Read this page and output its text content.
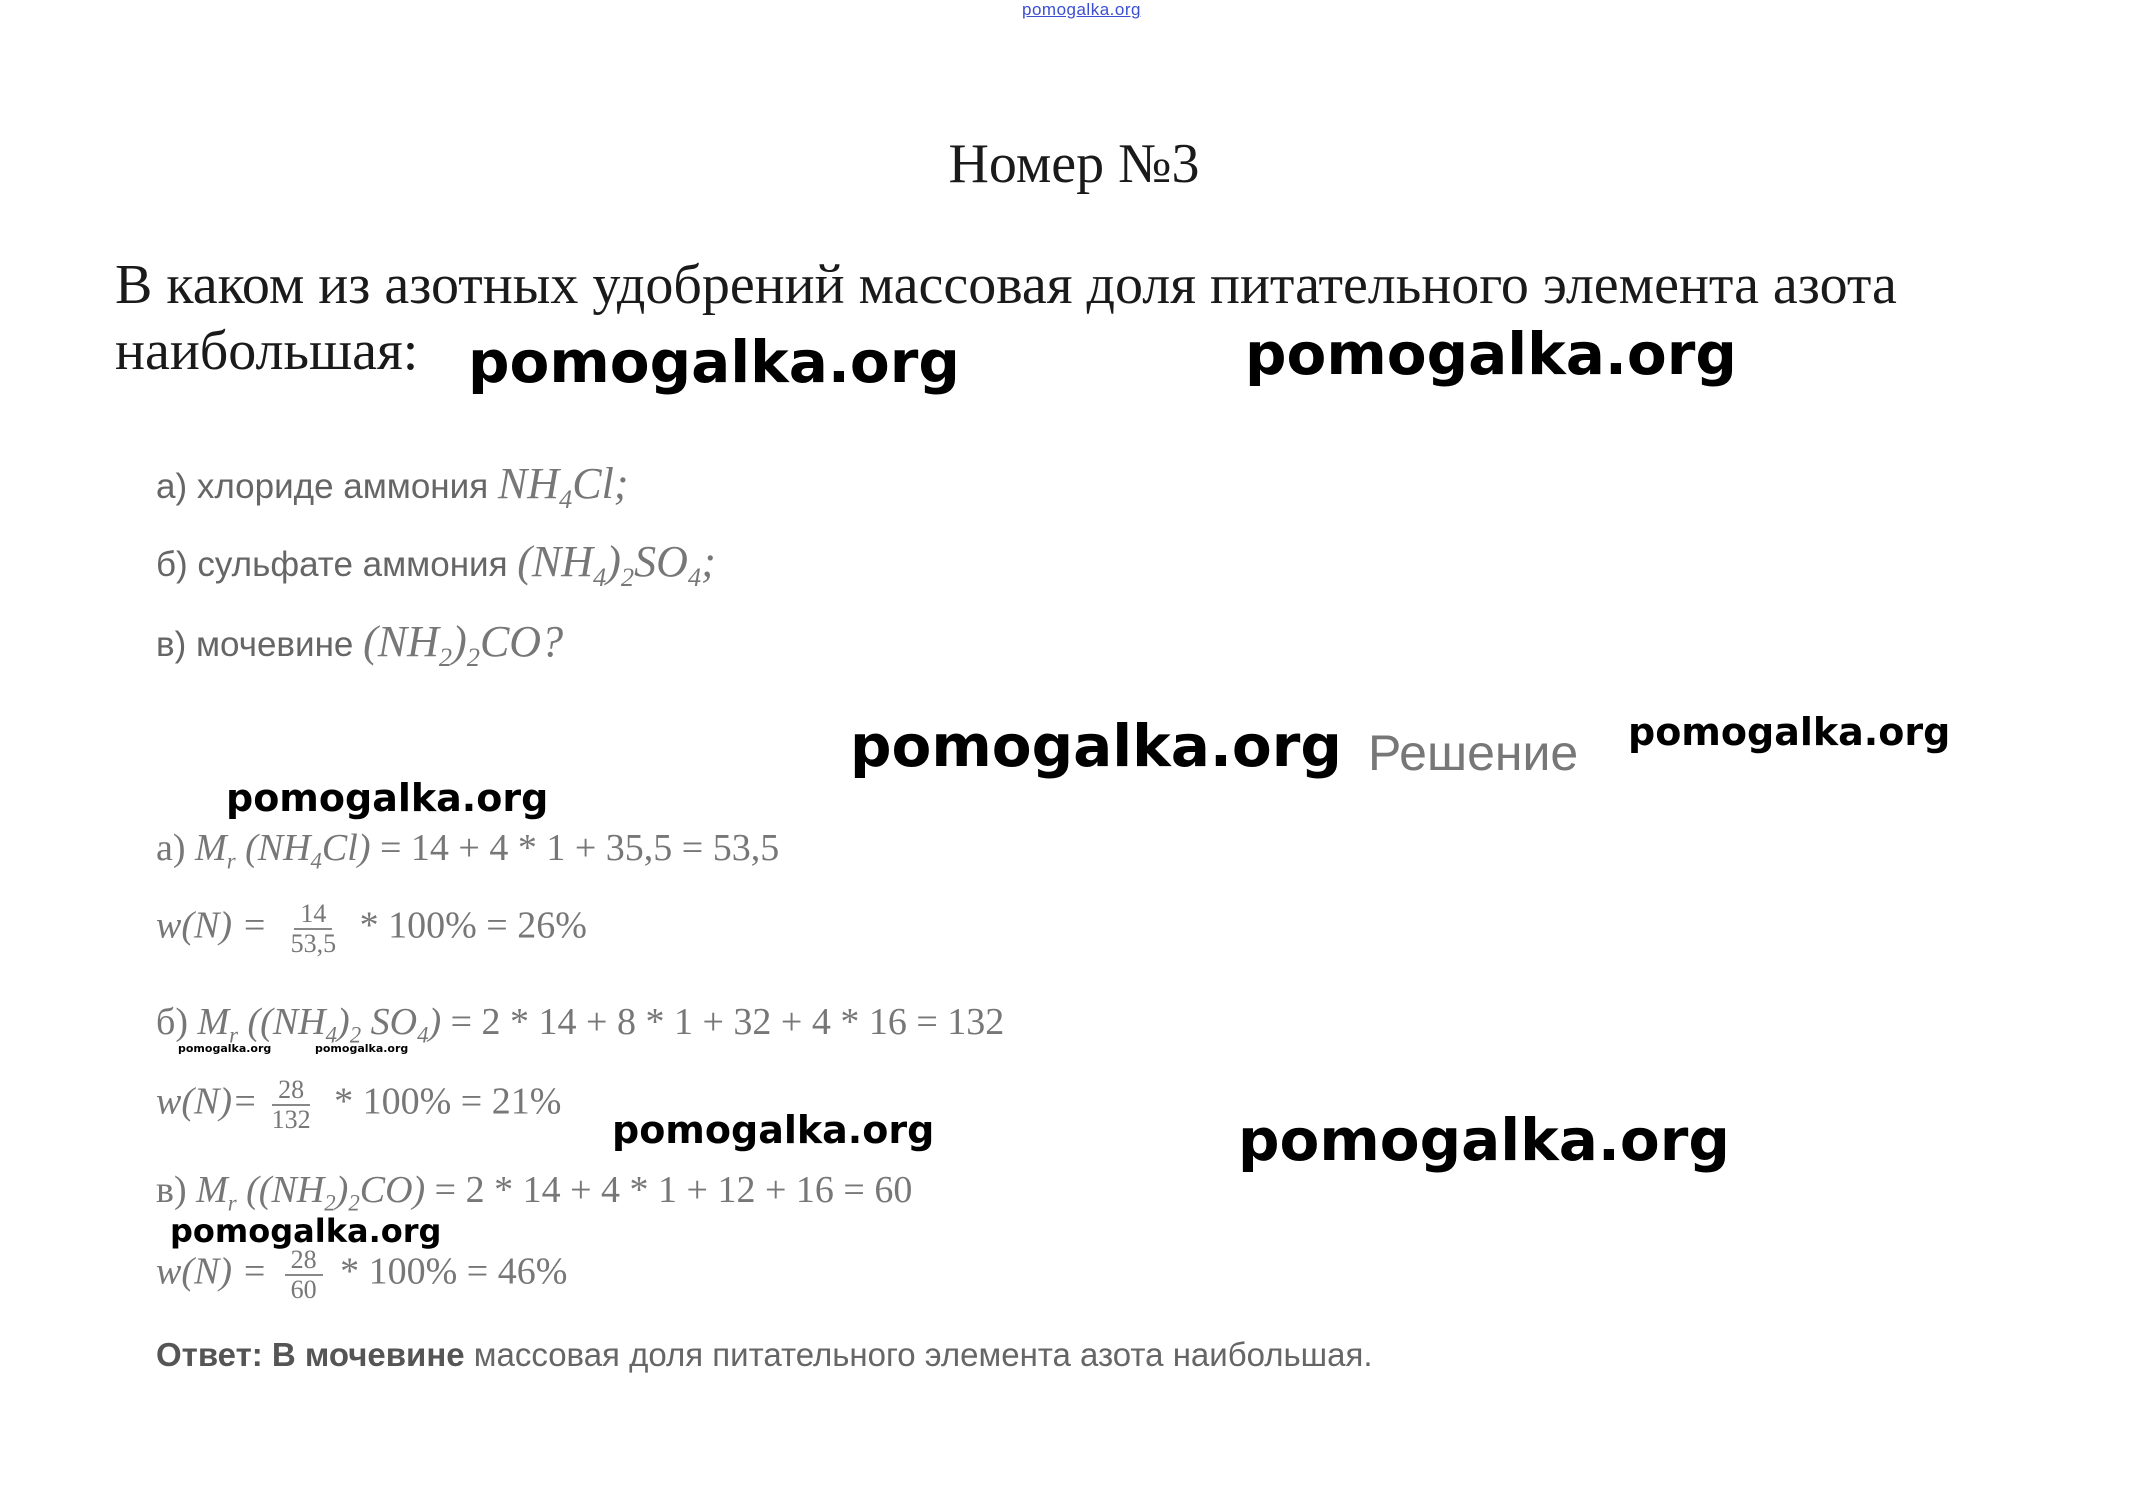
pomogalka.org
Номер №3
В каком из азотных удобрений массовая доля питательного элемента азота наибольшая:
а) хлориде аммония $NH_4Cl$;
б) сульфате аммония $(NH_4)_2SO_4$;
в) мочевине $(NH_2)_2CO$?
Решение
а) $M_r$ $(NH_4Cl) = 14 + 4 * 1 + 35,5 = 53,5$
$w(N) = \frac{14}{53,5} * 100\% = 26\%$
б) $M_r$ ($(NH_4)_2$ $SO_4) = 2 * 14 + 8 * 1 + 32 + 4 * 16 = 132$
$w(N)= \frac{28}{132} * 100\% = 21\%$
в) $M_r$ $((NH_2)_2CO) = 2 * 14 + 4 * 1 + 12 + 16 = 60$
$w(N) = \frac{28}{60} * 100\% = 46\%$
Ответ: В мочевине массовая доля питательного элемента азота наибольшая.
pomogalka.org	pomogalka.org
pomogalka.org	pomogalka.org
pomogalka.org
pomogalka.org	pomogalka.org
pomogalka.org	pomogalka.org
pomogalka.org
